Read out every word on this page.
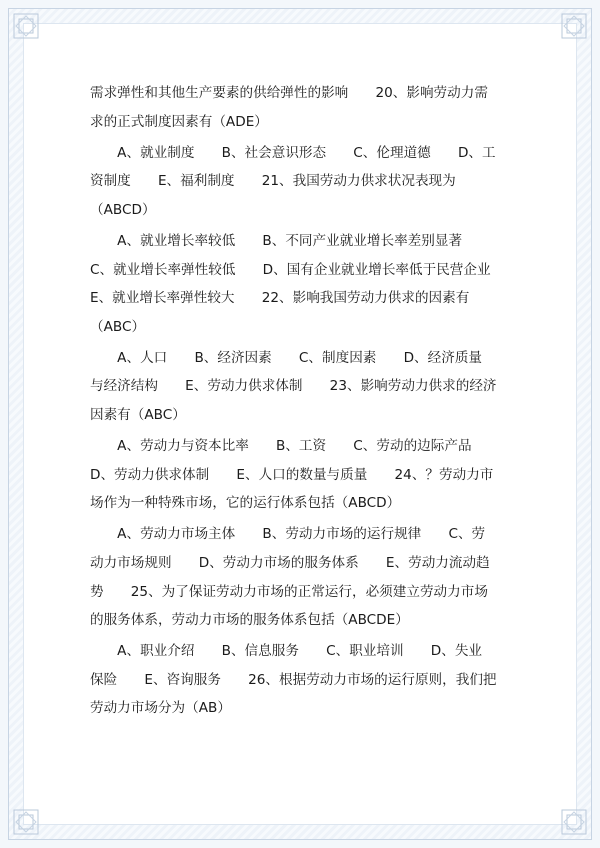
需求弹性和其他生产要素的供给弹性的影响　　20、影响劳动力需
求的正式制度因素有（ADE）
　　A、就业制度　　B、社会意识形态　　C、伦理道德　　D、工
资制度　　E、福利制度　　21、我国劳动力供求状况表现为
（ABCD）
　　A、就业增长率较低　　B、不同产业就业增长率差别显著
C、就业增长率弹性较低　　D、国有企业就业增长率低于民营企业
E、就业增长率弹性较大　　22、影响我国劳动力供求的因素有
（ABC）
　　A、人口　　B、经济因素　　C、制度因素　　D、经济质量
与经济结构　　E、劳动力供求体制　　23、影响劳动力供求的经济
因素有（ABC）
　　A、劳动力与资本比率　　B、工资　　C、劳动的边际产品
D、劳动力供求体制　　E、人口的数量与质量　　24、？劳动力市
场作为一种特殊市场，它的运行体系包括（ABCD）
　　A、劳动力市场主体　　B、劳动力市场的运行规律　　C、劳
动力市场规则　　D、劳动力市场的服务体系　　E、劳动力流动趋
势　　25、为了保证劳动力市场的正常运行，必须建立劳动力市场
的服务体系，劳动力市场的服务体系包括（ABCDE）
　　A、职业介绍　　B、信息服务　　C、职业培训　　D、失业
保险　　E、咨询服务　　26、根据劳动力市场的运行原则，我们把
劳动力市场分为（AB）
